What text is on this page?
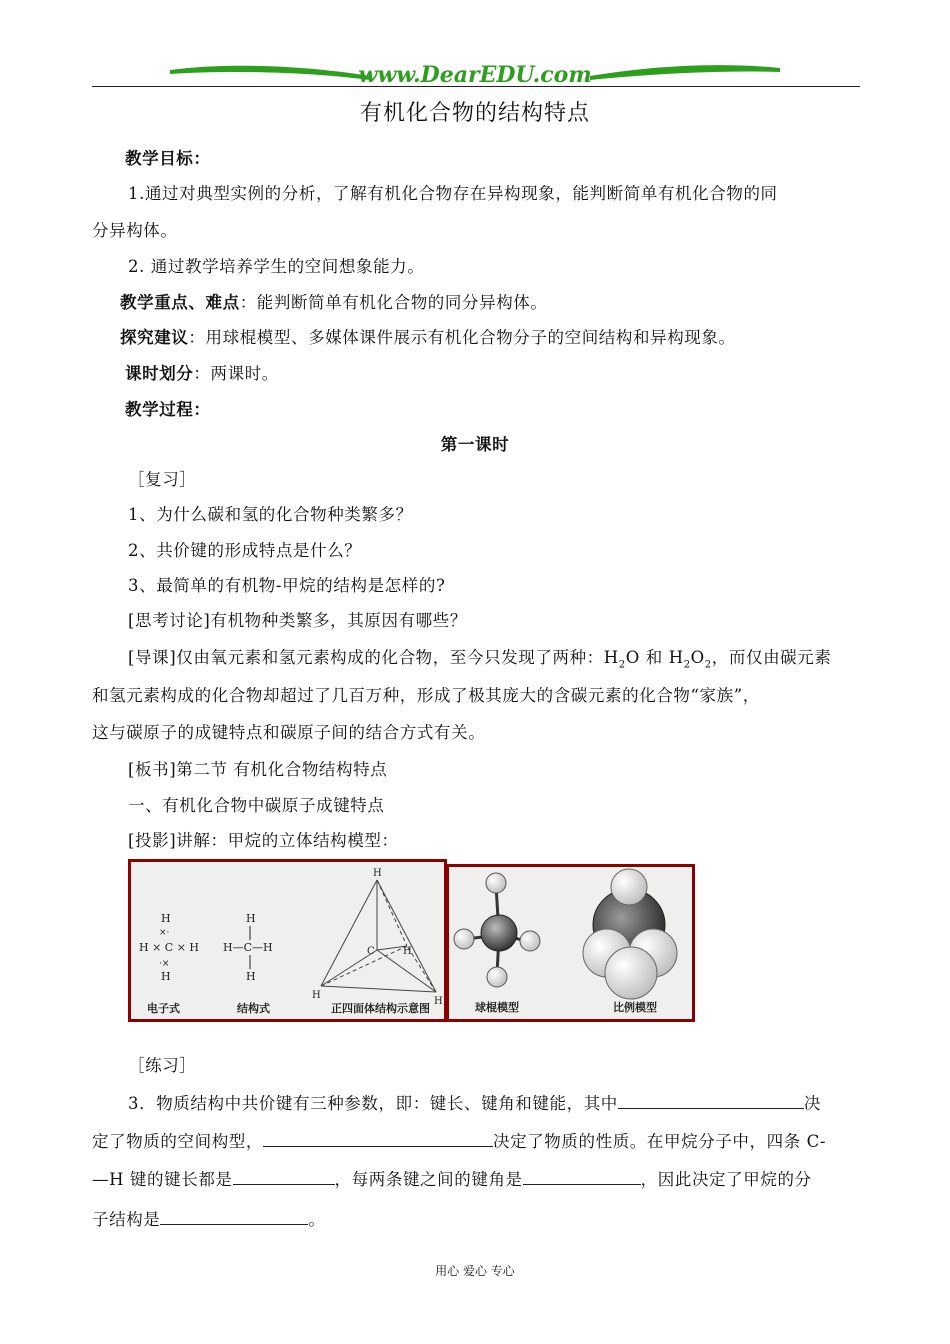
www.DearEDU.com
有机化合物的结构特点
教学目标：
1.通过对典型实例的分析，了解有机化合物存在异构现象，能判断简单有机化合物的同
分异构体。
2. 通过教学培养学生的空间想象能力。
教学重点、难点：能判断简单有机化合物的同分异构体。
探究建议：用球棍模型、多媒体课件展示有机化合物分子的空间结构和异构现象。
课时划分：两课时。
教学过程：
第一课时
［复习］
1、为什么碳和氢的化合物种类繁多？
2、共价键的形成特点是什么？
3、最简单的有机物-甲烷的结构是怎样的?
[思考讨论]有机物种类繁多，其原因有哪些？
[导课]仅由氧元素和氢元素构成的化合物，至今只发现了两种：$H_2O$ 和 $H_2O_2$，而仅由碳元素
和氢元素构成的化合物却超过了几百万种，形成了极其庞大的含碳元素的化合物“家族”，
这与碳原子的成键特点和碳原子间的结合方式有关。
[板书]第二节 有机化合物结构特点
一、有机化合物中碳原子成键特点
[投影]讲解：甲烷的立体结构模型：
H
×·
H × C × H
·×
H
H
H—C—H
H
H
C	H
H
H
电子式	结构式	正四面体结构示意图	球棍模型	比例模型
［练习］
3．物质结构中共价键有三种参数，即：键长、键角和键能，其中	决
定了物质的空间构型，	决定了物质的性质。在甲烷分子中，四条 C-
—H 键的键长都是	，每两条键之间的键角是	，因此决定了甲烷的分
子结构是	。
用心 爱心 专心
